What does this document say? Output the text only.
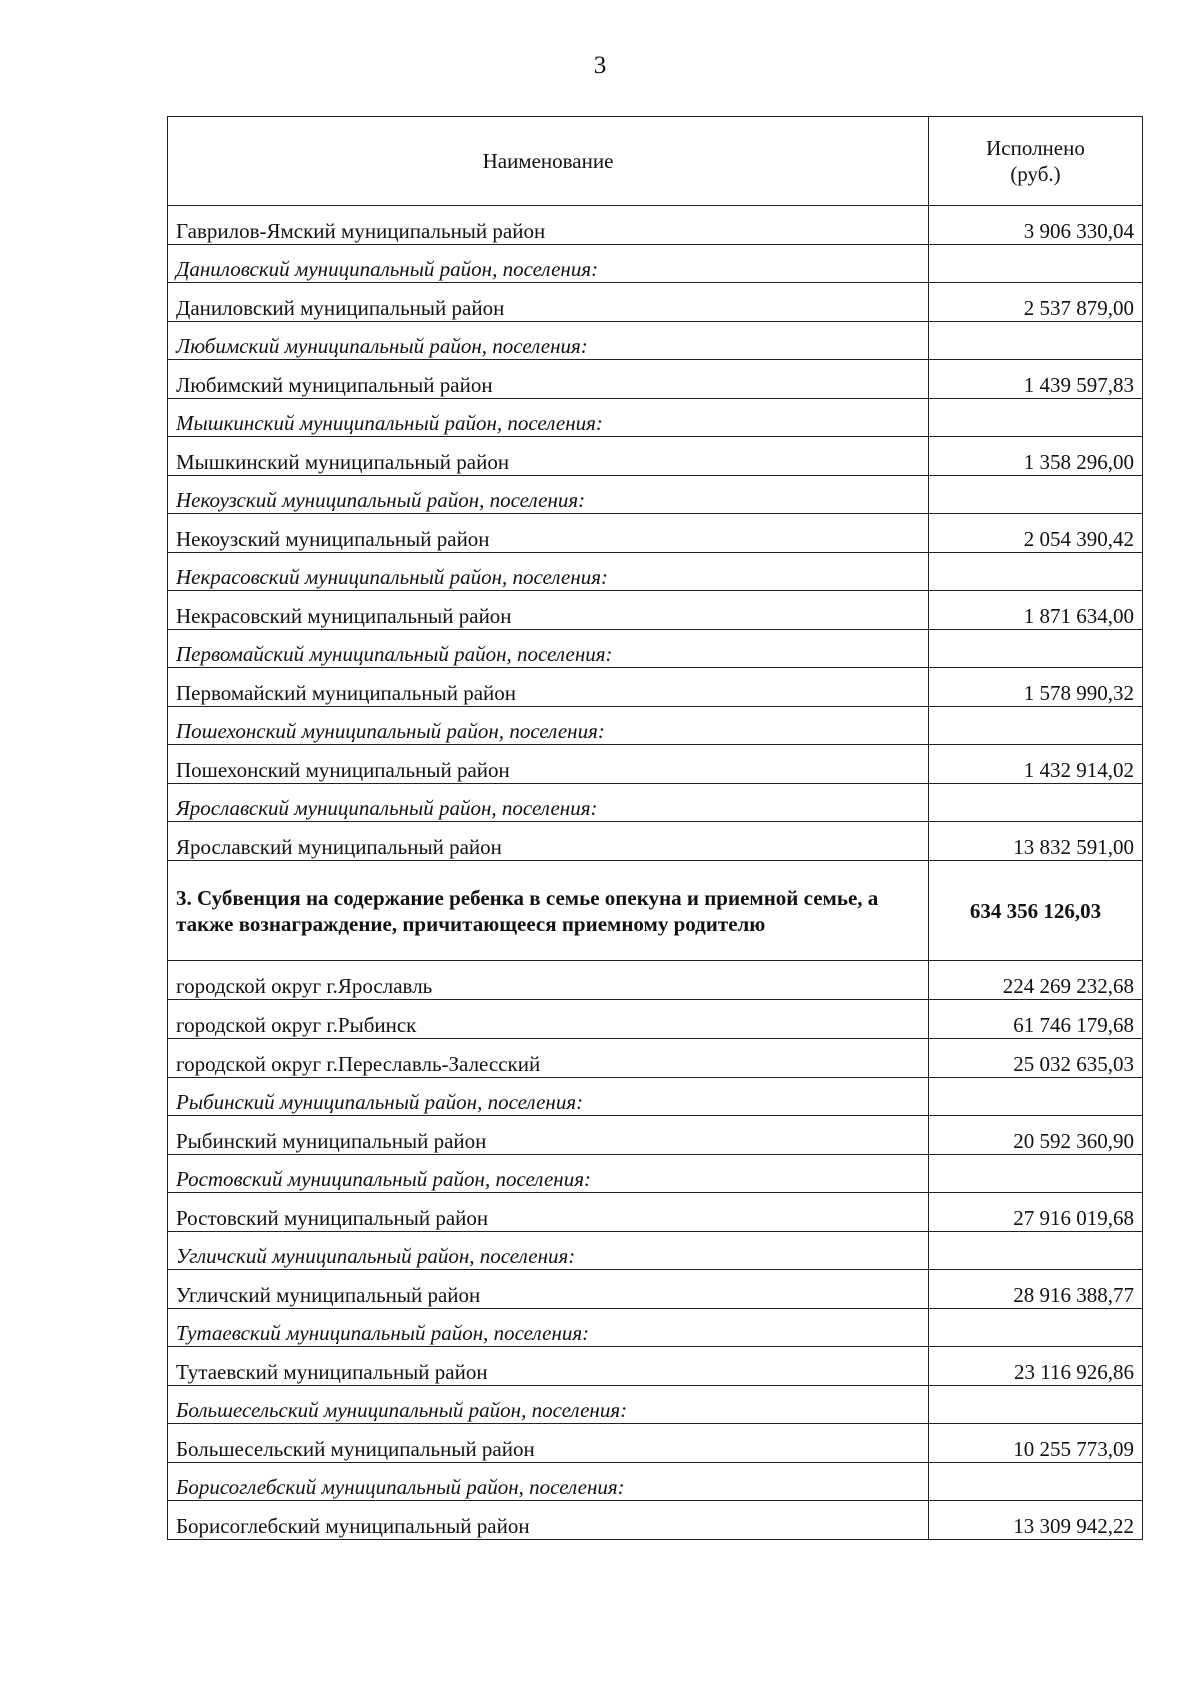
3
Наименование	Исполнено
(руб.)

Гаврилов-Ямский муниципальный район	3 906 330,04
Даниловский муниципальный район, поселения:	
Даниловский муниципальный район	2 537 879,00
Любимский муниципальный район, поселения:	
Любимский муниципальный район	1 439 597,83
Мышкинский муниципальный район, поселения:	
Мышкинский муниципальный район	1 358 296,00
Некоузский муниципальный район, поселения:	
Некоузский муниципальный район	2 054 390,42
Некрасовский муниципальный район, поселения:	
Некрасовский муниципальный район	1 871 634,00
Первомайский муниципальный район, поселения:	
Первомайский муниципальный район	1 578 990,32
Пошехонский муниципальный район, поселения:	
Пошехонский муниципальный район	1 432 914,02
Ярославский муниципальный район, поселения:	
Ярославский муниципальный район	13 832 591,00
3. Субвенция на содержание ребенка в семье опекуна и приемной семье, а также вознаграждение, причитающееся приемному родителю	634 356 126,03
городской округ г.Ярославль	224 269 232,68
городской округ г.Рыбинск	61 746 179,68
городской округ г.Переславль-Залесский	25 032 635,03
Рыбинский муниципальный район, поселения:	
Рыбинский муниципальный район	20 592 360,90
Ростовский муниципальный район, поселения:	
Ростовский муниципальный район	27 916 019,68
Угличский муниципальный район, поселения:	
Угличский муниципальный район	28 916 388,77
Тутаевский муниципальный район, поселения:	
Тутаевский муниципальный район	23 116 926,86
Большесельский муниципальный район, поселения:	
Большесельский муниципальный район	10 255 773,09
Борисоглебский муниципальный район, поселения:	
Борисоглебский муниципальный район	13 309 942,22
